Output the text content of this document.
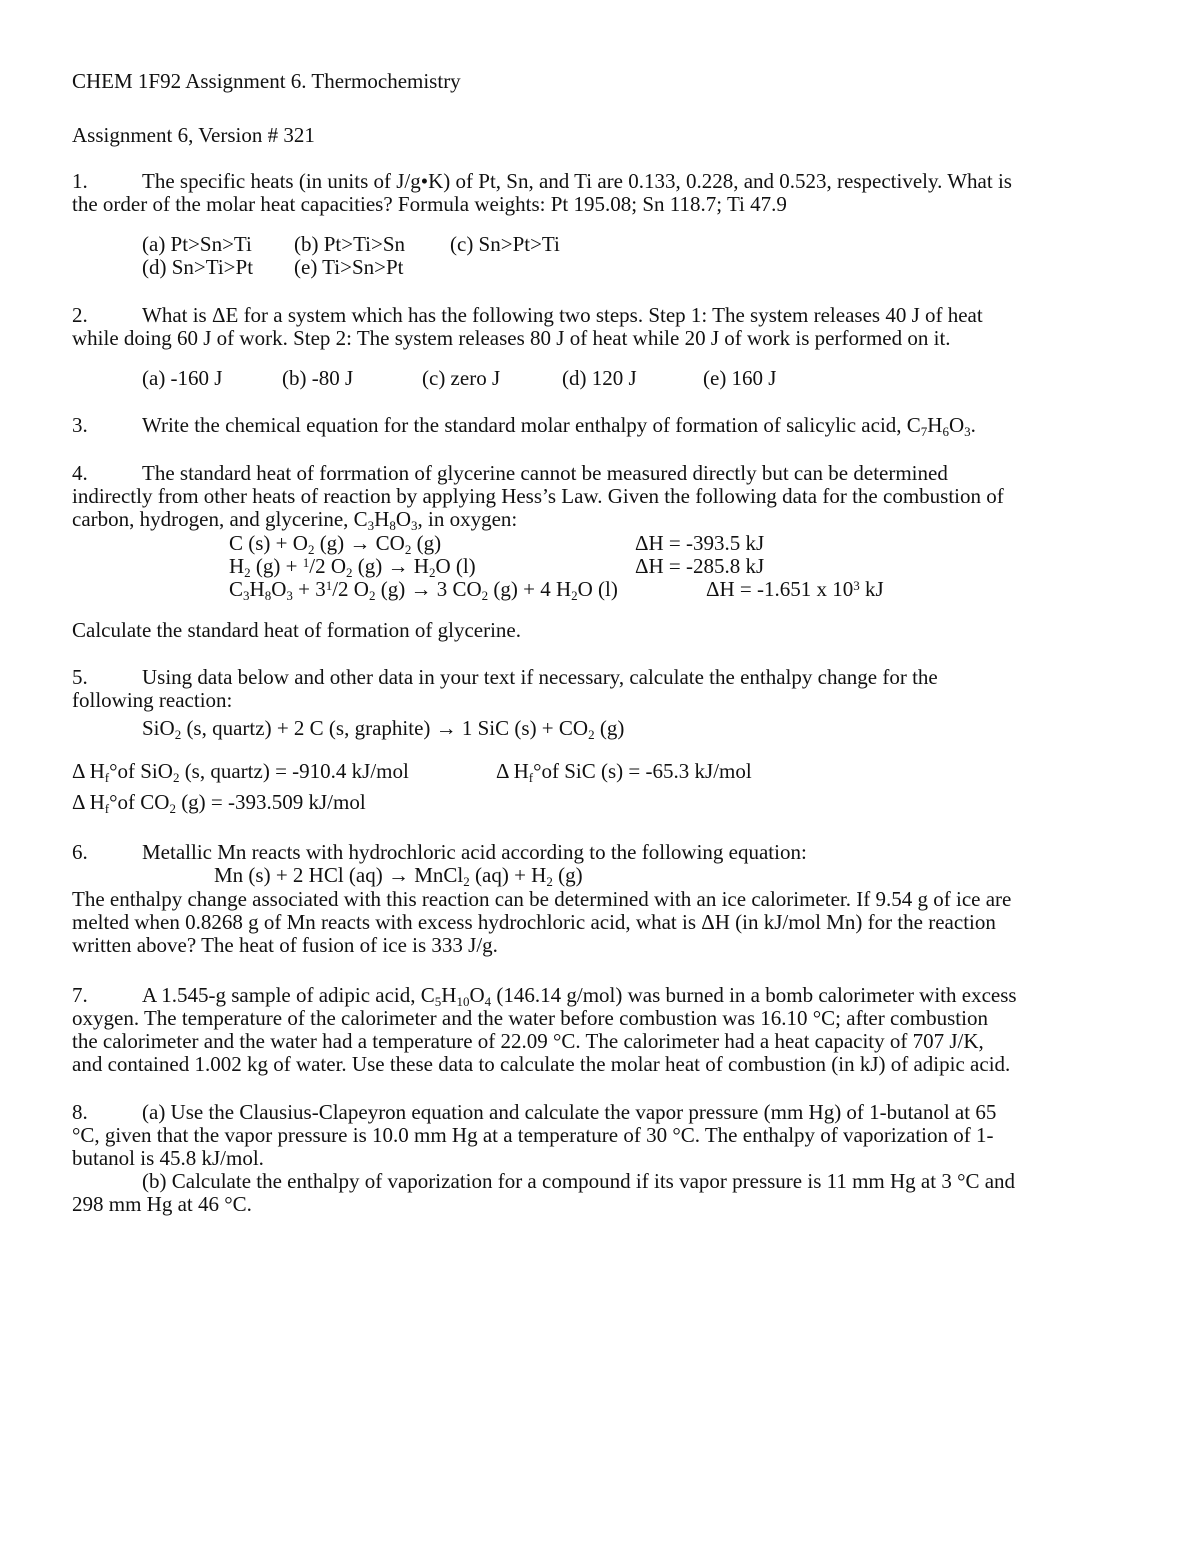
CHEM 1F92 Assignment 6. Thermochemistry
Assignment 6, Version # 321
1.	The specific heats (in units of J/g•K) of Pt, Sn, and Ti are 0.133, 0.228, and 0.523, respectively. What is
the order of the molar heat capacities? Formula weights: Pt 195.08; Sn 118.7; Ti 47.9
(a) Pt>Sn>Ti (b) Pt>Ti>Sn (c) Sn>Pt>Ti
(d) Sn>Ti>Pt (e) Ti>Sn>Pt
2.	What is ΔE for a system which has the following two steps. Step 1: The system releases 40 J of heat
while doing 60 J of work. Step 2: The system releases 80 J of heat while 20 J of work is performed on it.
(a) -160 J	(b) -80 J	(c) zero J	(d) 120 J	(e) 160 J
3.	Write the chemical equation for the standard molar enthalpy of formation of salicylic acid, $C_7H_6O_3$.
4.	The standard heat of forrmation of glycerine cannot be measured directly but can be determined
indirectly from other heats of reaction by applying Hess’s Law. Given the following data for the combustion of
carbon, hydrogen, and glycerine, $C_3H_8O_3$, in oxygen:
C $(s) + O_2$ $(g) \to CO_2$ (g)	ΔH = -393.5 kJ
$H_2$ (g) + $^1$/2 $O_2$ $(g) \to H_2O$ (l)	ΔH = -285.8 kJ
$C_3H_8O_3 + 3^1/2$ $O_2$ (g) → 3 $CO_2$ (g) + 4 $H_2O$ (l)	ΔH = -1.651 x $10^3$ kJ
Calculate the standard heat of formation of glycerine.
5.	Using data below and other data in your text if necessary, calculate the enthalpy change for the
following reaction:
SiO$_2$ (s, quartz) + 2 C (s, graphite) → 1 SiC $(s) + CO_2$ (g)
Δ $H_f^\circ of$ SiO$_2$ (s, quartz) = -910.4 kJ/mol	Δ $H_f^\circ of$ SiC (s) = -65.3 kJ/mol
Δ $H_f^\circ of$ $CO_2$ (g) = -393.509 kJ/mol
6.	Metallic Mn reacts with hydrochloric acid according to the following equation:
Mn (s) + 2 HCl (aq) → MnCl$_2$ $(aq) + H_2$ (g)
The enthalpy change associated with this reaction can be determined with an ice calorimeter. If 9.54 g of ice are
melted when 0.8268 g of Mn reacts with excess hydrochloric acid, what is ΔH (in kJ/mol Mn) for the reaction
written above? The heat of fusion of ice is 333 J/g.
7.	A 1.545-g sample of adipic acid, $C_5H_{10}O_4$ (146.14 g/mol) was burned in a bomb calorimeter with excess
oxygen. The temperature of the calorimeter and the water before combustion was 16.10 °C; after combustion
the calorimeter and the water had a temperature of 22.09 °C. The calorimeter had a heat capacity of 707 J/K,
and contained 1.002 kg of water. Use these data to calculate the molar heat of combustion (in kJ) of adipic acid.
8.	(a) Use the Clausius-Clapeyron equation and calculate the vapor pressure (mm Hg) of 1-butanol at 65
°C, given that the vapor pressure is 10.0 mm Hg at a temperature of 30 °C. The enthalpy of vaporization of 1-
butanol is 45.8 kJ/mol.
(b) Calculate the enthalpy of vaporization for a compound if its vapor pressure is 11 mm Hg at 3 °C and
298 mm Hg at 46 °C.
